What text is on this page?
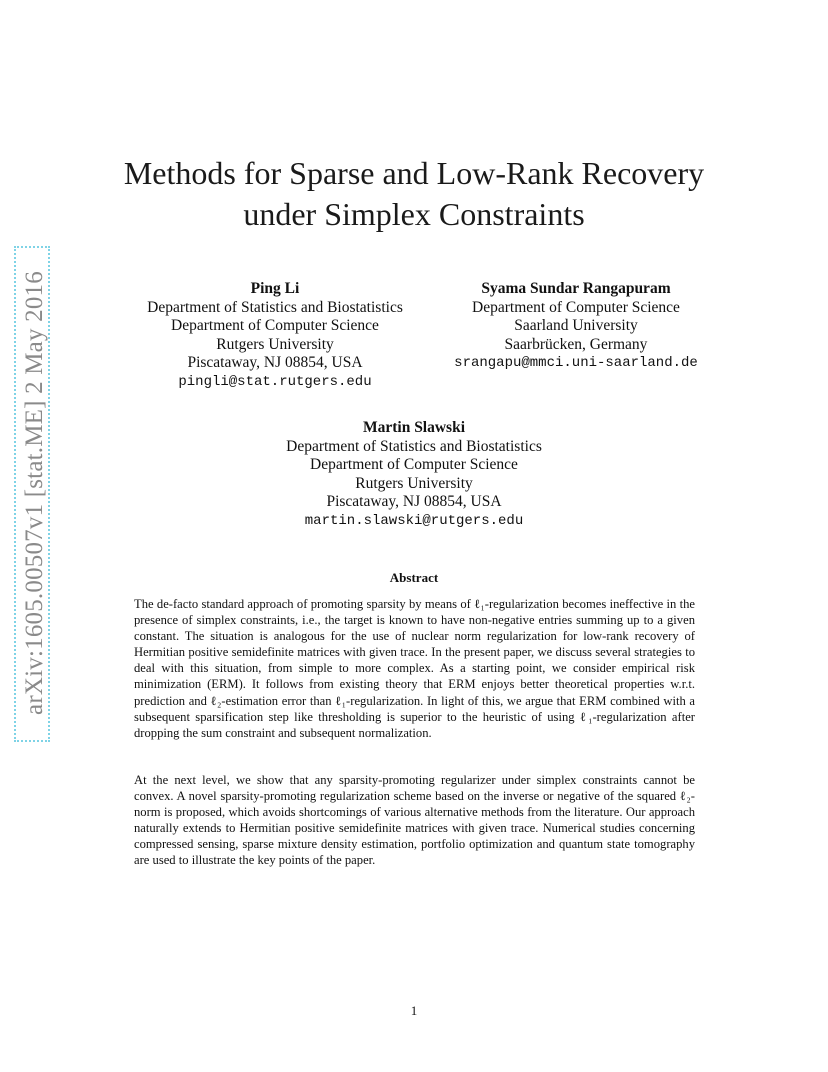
arXiv:1605.00507v1 [stat.ME] 2 May 2016
Methods for Sparse and Low-Rank Recovery
under Simplex Constraints
Ping Li
Department of Statistics and Biostatistics
Department of Computer Science
Rutgers University
Piscataway, NJ 08854, USA
pingli@stat.rutgers.edu
Syama Sundar Rangapuram
Department of Computer Science
Saarland University
Saarbrücken, Germany
srangapu@mmci.uni-saarland.de
Martin Slawski
Department of Statistics and Biostatistics
Department of Computer Science
Rutgers University
Piscataway, NJ 08854, USA
martin.slawski@rutgers.edu
Abstract
The de-facto standard approach of promoting sparsity by means of ℓ₁-regularization becomes ineffective in the presence of simplex constraints, i.e., the target is known to have non-negative entries summing up to a given constant. The situation is analogous for the use of nuclear norm regularization for low-rank recovery of Hermitian positive semidefinite matrices with given trace. In the present paper, we discuss several strategies to deal with this situation, from simple to more complex. As a starting point, we consider empirical risk minimization (ERM). It follows from existing theory that ERM enjoys better theoretical properties w.r.t. prediction and ℓ₂-estimation error than ℓ₁-regularization. In light of this, we argue that ERM combined with a subsequent sparsification step like thresholding is superior to the heuristic of using ℓ₁-regularization after dropping the sum constraint and subsequent normalization.
At the next level, we show that any sparsity-promoting regularizer under simplex constraints cannot be convex. A novel sparsity-promoting regularization scheme based on the inverse or negative of the squared ℓ₂-norm is proposed, which avoids shortcomings of various alternative methods from the literature. Our approach naturally extends to Hermitian positive semidefinite matrices with given trace. Numerical studies concerning compressed sensing, sparse mixture density estimation, portfolio optimization and quantum state tomography are used to illustrate the key points of the paper.
1
